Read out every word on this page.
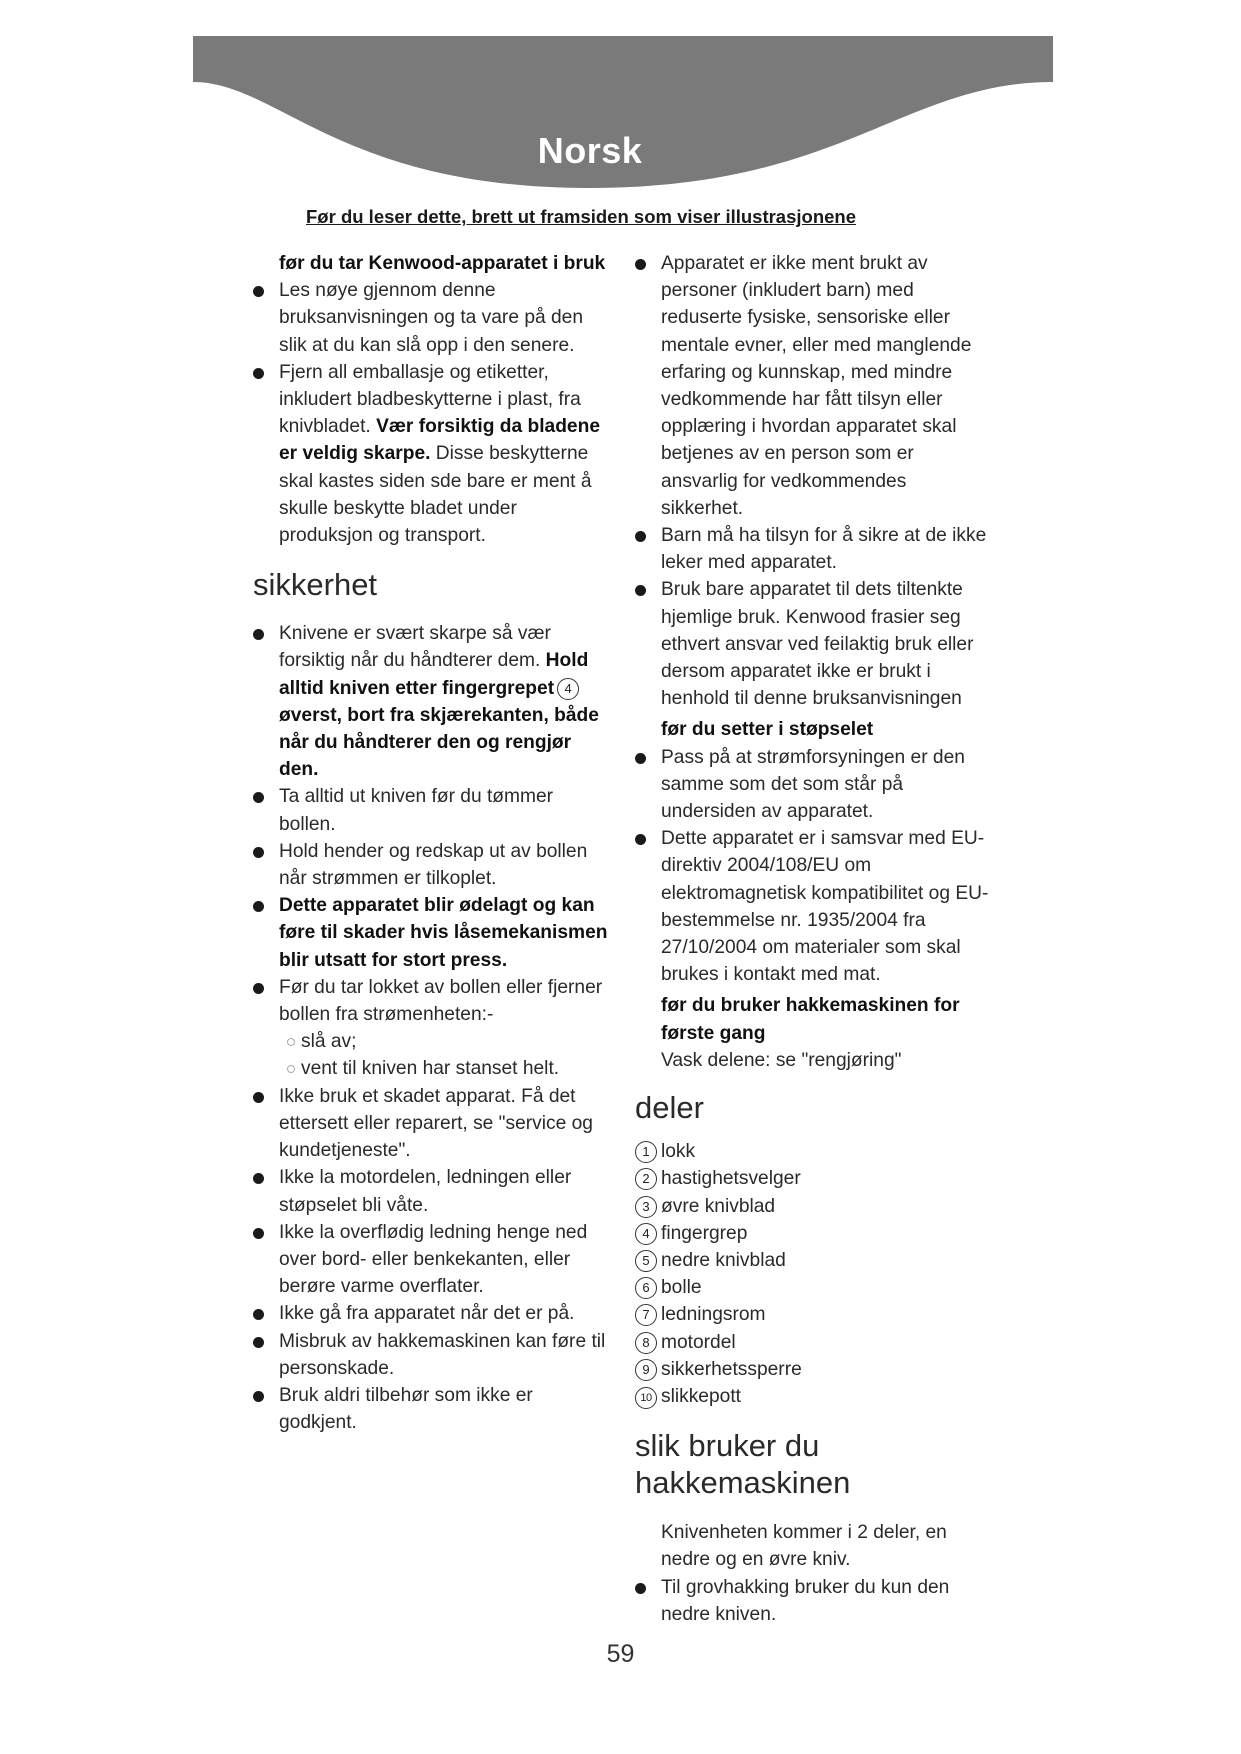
Norsk
Før du leser dette, brett ut framsiden som viser illustrasjonene

før du tar Kenwood-apparatet i bruk

Les nøye gjennom denne bruksanvisningen og ta vare på den slik at du kan slå opp i den senere.
Fjern all emballasje og etiketter, inkludert bladbeskytterne i plast, fra knivbladet. Vær forsiktig da bladene er veldig skarpe. Disse beskytterne skal kastes siden sde bare er ment å skulle beskytte bladet under produksjon og transport.
sikkerhet
Knivene er svært skarpe så vær forsiktig når du håndterer dem. Hold alltid kniven etter fingergrepet 4øverst, bort fra skjærekanten, både når du håndterer den og rengjør den.
Ta alltid ut kniven før du tømmer bollen.
Hold hender og redskap ut av bollen når strømmen er tilkoplet.
Dette apparatet blir ødelagt og kan føre til skader hvis låsemekanismen blir utsatt for stort press.
Før du tar lokket av bollen eller fjerner bollen fra strømenheten:-
slå av;
vent til kniven har stanset helt.
Ikke bruk et skadet apparat. Få det ettersett eller reparert, se "service og kundetjeneste".
Ikke la motordelen, ledningen eller støpselet bli våte.
Ikke la overflødig ledning henge ned over bord- eller benkekanten, eller berøre varme overflater.
Ikke gå fra apparatet når det er på.
Misbruk av hakkemaskinen kan føre til personskade.
Bruk aldri tilbehør som ikke er godkjent.
Apparatet er ikke ment brukt av personer (inkludert barn) med reduserte fysiske, sensoriske eller mentale evner, eller med manglende erfaring og kunnskap, med mindre vedkommende har fått tilsyn eller opplæring i hvordan apparatet skal betjenes av en person som er ansvarlig for vedkommendes sikkerhet.
Barn må ha tilsyn for å sikre at de ikke leker med apparatet.
Bruk bare apparatet til dets tiltenkte hjemlige bruk. Kenwood frasier seg ethvert ansvar ved feilaktig bruk eller dersom apparatet ikke er brukt i henhold til denne bruksanvisningen

før du setter i støpselet

Pass på at strømforsyningen er den samme som det som står på undersiden av apparatet.
Dette apparatet er i samsvar med EU-direktiv 2004/108/EU om elektromagnetisk kompatibilitet og EU-bestemmelse nr. 1935/2004 fra 27/10/2004 om materialer som skal brukes i kontakt med mat.

før du bruker hakkemaskinen for første gang

Vask delene: se "rengjøring"

deler
1 lokk
2 hastighetsvelger
3 øvre knivblad
4 fingergrep
5 nedre knivblad
6 bolle
7 ledningsrom
8 motordel
9 sikkerhetssperre
10 slikkepott
slik bruker du
hakkemaskinen

Knivenheten kommer i 2 deler, en nedre og en øvre kniv.

Til grovhakking bruker du kun den nedre kniven.
59
